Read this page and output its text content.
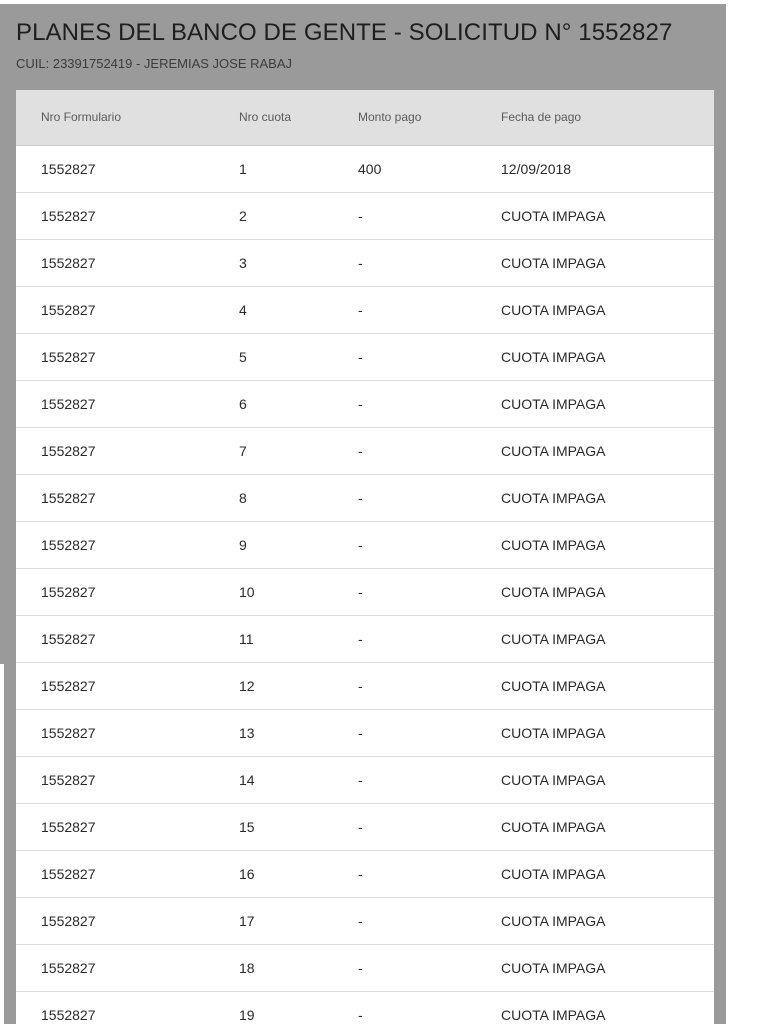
PLANES DEL BANCO DE GENTE - SOLICITUD N° 1552827

CUIL: 23391752419 - JEREMIAS JOSE RABAJ

Nro Formulario	Nro cuota	Monto pago	Fecha de pago
1552827	1	400	12/09/2018
1552827	2	-	CUOTA IMPAGA
1552827	3	-	CUOTA IMPAGA
1552827	4	-	CUOTA IMPAGA
1552827	5	-	CUOTA IMPAGA
1552827	6	-	CUOTA IMPAGA
1552827	7	-	CUOTA IMPAGA
1552827	8	-	CUOTA IMPAGA
1552827	9	-	CUOTA IMPAGA
1552827	10	-	CUOTA IMPAGA
1552827	11	-	CUOTA IMPAGA
1552827	12	-	CUOTA IMPAGA
1552827	13	-	CUOTA IMPAGA
1552827	14	-	CUOTA IMPAGA
1552827	15	-	CUOTA IMPAGA
1552827	16	-	CUOTA IMPAGA
1552827	17	-	CUOTA IMPAGA
1552827	18	-	CUOTA IMPAGA
1552827	19	-	CUOTA IMPAGA
